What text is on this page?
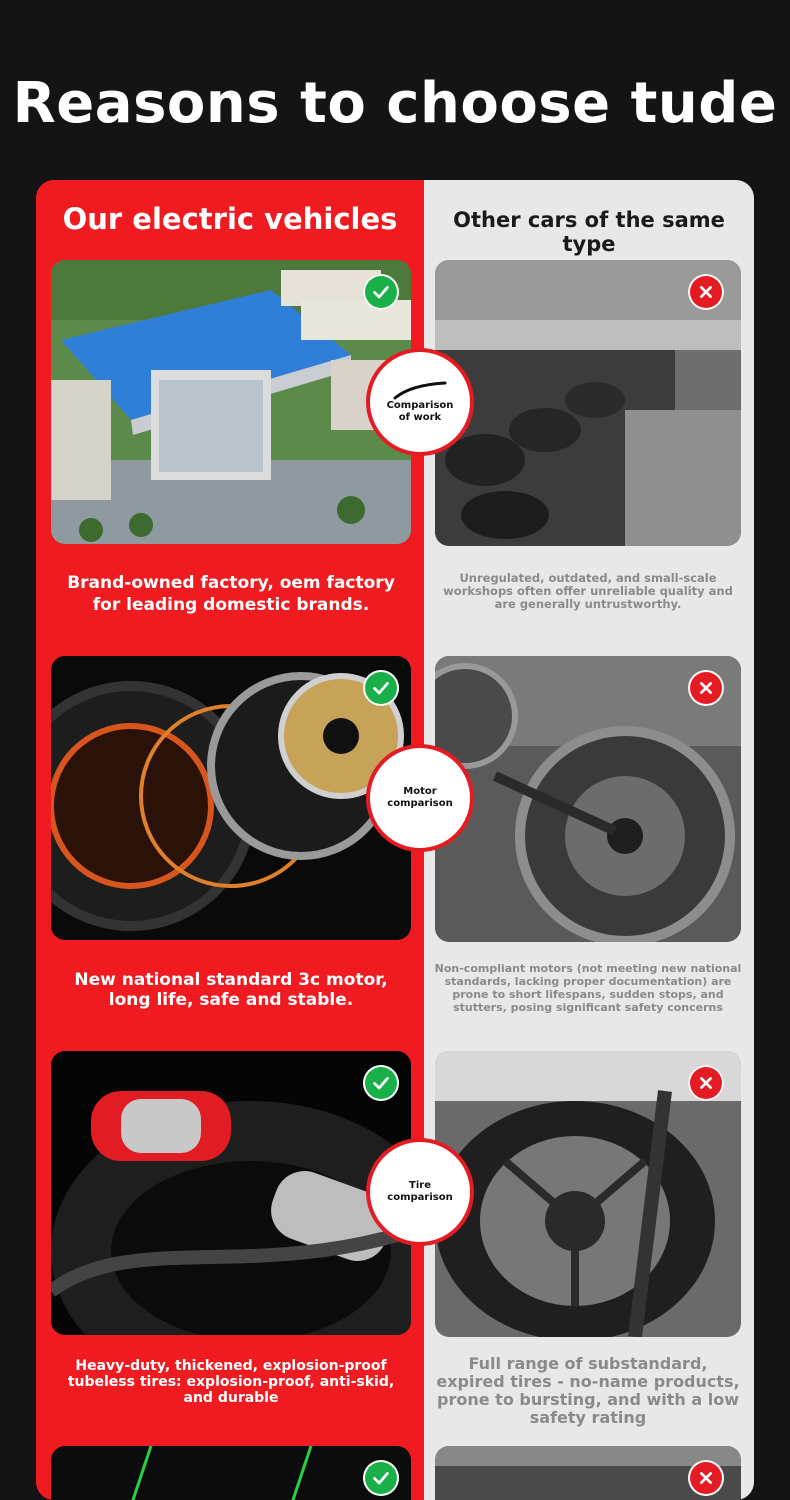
Reasons to choose tude
Our electric vehicles	Other cars of the same type
Comparison of work
Brand-owned factory, oem factory for leading domestic brands.
Unregulated, outdated, and small-scale workshops often offer unreliable quality and are generally untrustworthy.
Motor comparison
New national standard 3c motor, long life, safe and stable.
Non-compliant motors (not meeting new national standards, lacking proper documentation) are prone to short lifespans, sudden stops, and stutters, posing significant safety concerns
Tire comparison
Heavy-duty, thickened, explosion-proof tubeless tires: explosion-proof, anti-skid, and durable
Full range of substandard, expired tires - no-name products, prone to bursting, and with a low safety rating
